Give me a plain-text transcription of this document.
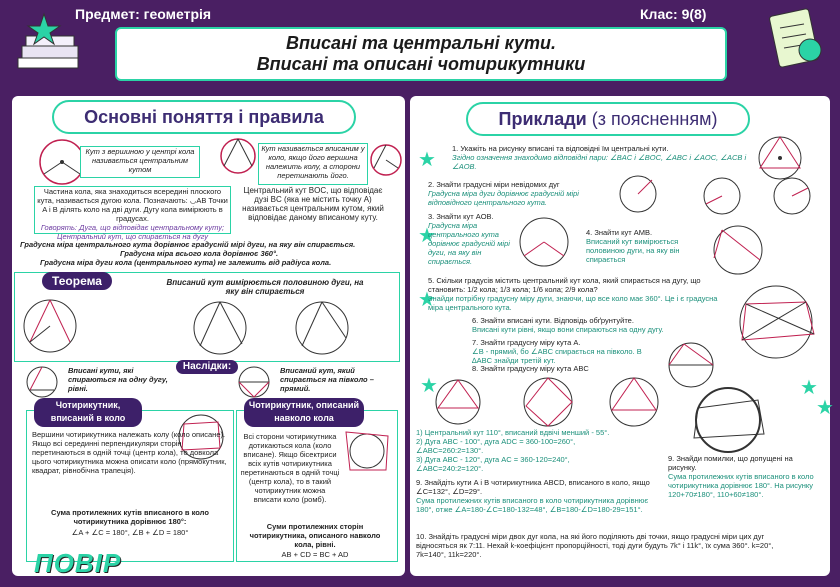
Предмет: геометрія	Клас: 9(8)
Вписані та центральні кути.
Вписані та описані чотирикутники
Основні поняття і правила
Кут з вершиною у центрі кола називається центральним кутом
Кут називається вписаним у коло, якщо його вершина належить колу, а сторони перетинають його.
Частина кола, яка знаходиться всередині плоского кута, називається дугою кола. Позначають: ◡AB Точки A і B ділять коло на дві дуги. Дугу кола вимірюють в градусах.
Говорять: Дуга, що відповідає центральному куту; Центральний кут, що спирається на дугу
Центральний кут BOC, що відповідає дузі BC (яка не містить точку A) називається центральним кутом, який відповідає даному вписаному куту.
Градусна міра центрального кута дорівнює градусній мірі дуги, на яку він спирається.
Градусна міра всього кола дорівнює 360°.
Градусна міра дуги кола (центрального кута) не залежить від радіуса кола.
Теорема	Вписаний кут вимірюється половиною дуги, на яку він спирається
Наслідки:
Вписані кути, які спираються на одну дугу, рівні.
Вписаний кут, який спирається на півколо – прямий.
Чотирикутник, вписаний в коло
Вершини чотирикутника належать колу (коло описане). Якщо всі серединні перпендикуляри сторін перетинаються в одній точці (центр кола), то довкола цього чотирикутника можна описати коло (прямокутник, квадрат, рівнобічна трапеція).
Сума протилежних кутів вписаного в коло чотирикутника дорівнює 180°:
∠A + ∠C = 180°, ∠B + ∠D = 180°
Чотирикутник, описаний навколо кола
Всі сторони чотирикутника дотикаються кола (коло вписане). Якщо бісектриси всіх кутів чотирикутника перетинаються в одній точці (центр кола), то в такий чотирикутник можна вписати коло (ромб).
Суми протилежних сторін чотирикутника, описаного навколо кола, рівні.
AB + CD = BC + AD
ПОВІР
Приклади (з поясненням)
★
★
★
★
★
★
1. Укажіть на рисунку вписані та відповідні їм центральні кути.
Згідно означення знаходимо відповідні пари: ∠BAC і ∠BOC, ∠ABC і ∠AOC, ∠ACB і ∠AOB.
2. Знайти градусні міри невідомих дуг
Градусна міра дуги дорівнює градусній мірі відповідного центрального кута.
3. Знайти кут AOB.
Градусна міра центрального кута дорівнює градусній мірі дуги, на яку він спирається.
4. Знайти кут AMB.
Вписаний кут вимірюється половиною дуги, на яку він спирається
5. Скільки градусів містить центральний кут кола, який спирається на дугу, що становить: 1/2 кола; 1/3 кола; 1/6 кола; 2/9 кола?
Знайди потрібну градусну міру дуги, знаючи, що все коло має 360°. Це і є градусна міра центрального кута.
6. Знайти вписані кути. Відповідь обґрунтуйте.
Вписані кути рівні, якщо вони спираються на одну дугу.
7. Знайти градусну міру кута A.
∠B - прямий, бо ∠ABC спирається на півколо. В ∆ABC знайди третій кут.
8. Знайти градусну міру кута ABC
1) Центральний кут 110°, вписаний вдвічі менший - 55°.
2) Дуга ABC - 100°, дуга ADC = 360-100=260°,
∠ABC=260:2=130°.
3) Дуга ABC - 120°, дуга AC = 360-120=240°,
∠ABC=240:2=120°.
9. Знайдіть кути A і B чотирикутника ABCD, вписаного в коло, якщо ∠C=132°, ∠D=29°.
Сума протилежних кутів вписаного в коло чотирикутника дорівнює 180°, отже ∠A=180-∠C=180-132=48°, ∠B=180-∠D=180-29=151°.
9. Знайди помилки, що допущені на рисунку.
Сума протилежних кутів вписаного в коло чотирикутника дорівнює 180°. На рисунку 120+70≠180°, 110+60≠180°.
10. Знайдіть градусні міри двох дуг кола, на які його поділяють дві точки, якщо градусні міри цих дуг відносяться як 7:11. Нехай k-коефіцієнт пропорційності, тоді дуги будуть 7k° і 11k°, їх сума 360°. k=20°, 7k=140°, 11k=220°.
